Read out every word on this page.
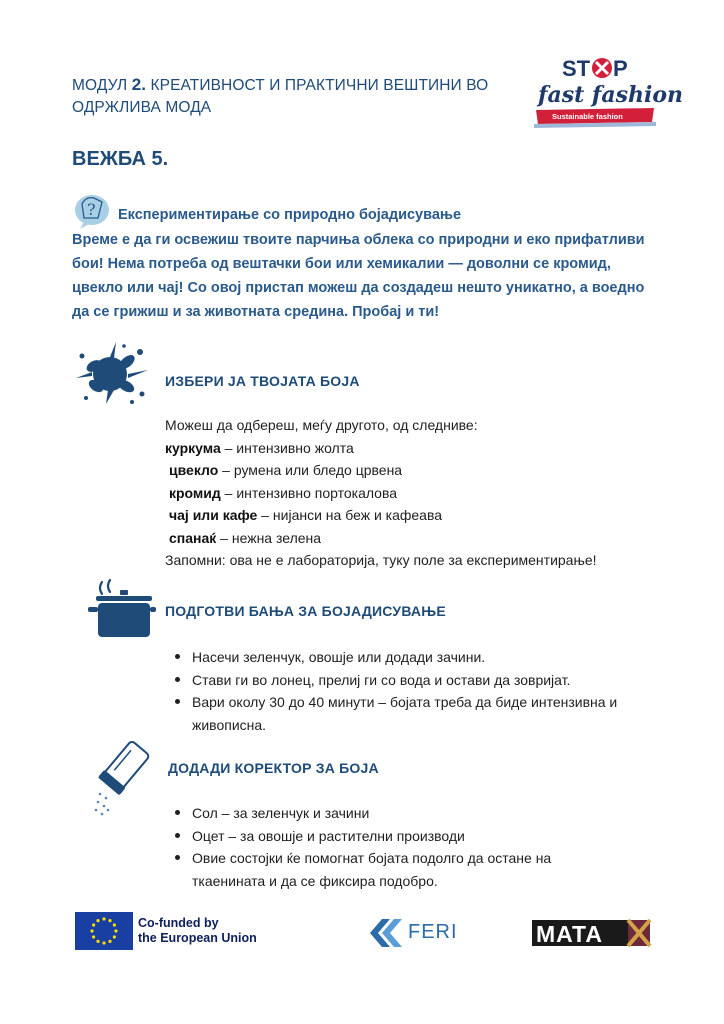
МОДУЛ 2. КРЕАТИВНОСТ И ПРАКТИЧНИ ВЕШТИНИ ВО ОДРЖЛИВА МОДА
ST P
fast fashion
Sustainable fashion
ВЕЖБА 5.
? Експериментирање со природно бојадисување
Време е да ги освежиш твоите парчиња облека со природни и еко прифатливи бои! Нема потреба од вештачки бои или хемикалии — доволни се кромид, цвекло или чај! Со овој пристап можеш да создадеш нешто уникатно, а воедно да се грижиш и за животната средина. Пробај и ти!
ИЗБЕРИ ЈА ТВОЈАТА БОЈА
Можеш да одбереш, меѓу другото, од следниве:
куркума – интензивно жолта
цвекло – румена или бледо црвена
кромид – интензивно портокалова
чај или кафе – нијанси на беж и кафеава
спанаќ – нежна зелена
Запомни: ова не е лабораторија, туку поле за експериментирање!
ПОДГОТВИ БАЊА ЗА БОЈАДИСУВАЊЕ
Насечи зеленчук, овошје или додади зачини.
Стави ги во лонец, прелиј ги со вода и остави да зовријат.
Вари околу 30 до 40 минути – бојата треба да биде интензивна и живописна.
ДОДАДИ КОРЕКТОР ЗА БОЈА
Сол – за зеленчук и зачини
Оцет – за овошје и растителни производи
Овие состојки ќе помогнат бојата подолго да остане на ткаенината и да се фиксира подобро.
Co-funded by
the European Union	FERI	MATA
